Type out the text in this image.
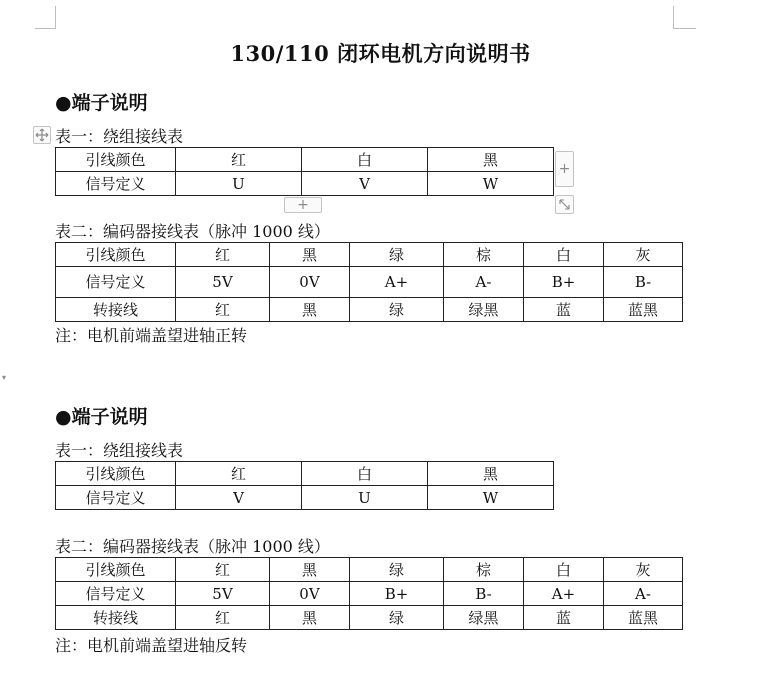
▾
130/110 闭环电机方向说明书
●端子说明
表一：绕组接线表
引线颜色	红	白	黑
信号定义	U	V	W
+
+
表二：编码器接线表（脉冲 1000 线）
引线颜色	红	黑	绿	棕	白	灰
信号定义	5V	0V	A+	A-	B+	B-
转接线	红	黑	绿	绿黑	蓝	蓝黑
注：电机前端盖望进轴正转
●端子说明
表一：绕组接线表
引线颜色	红	白	黑
信号定义	V	U	W
表二：编码器接线表（脉冲 1000 线）
引线颜色	红	黑	绿	棕	白	灰
信号定义	5V	0V	B+	B-	A+	A-
转接线	红	黑	绿	绿黑	蓝	蓝黑
注：电机前端盖望进轴反转
